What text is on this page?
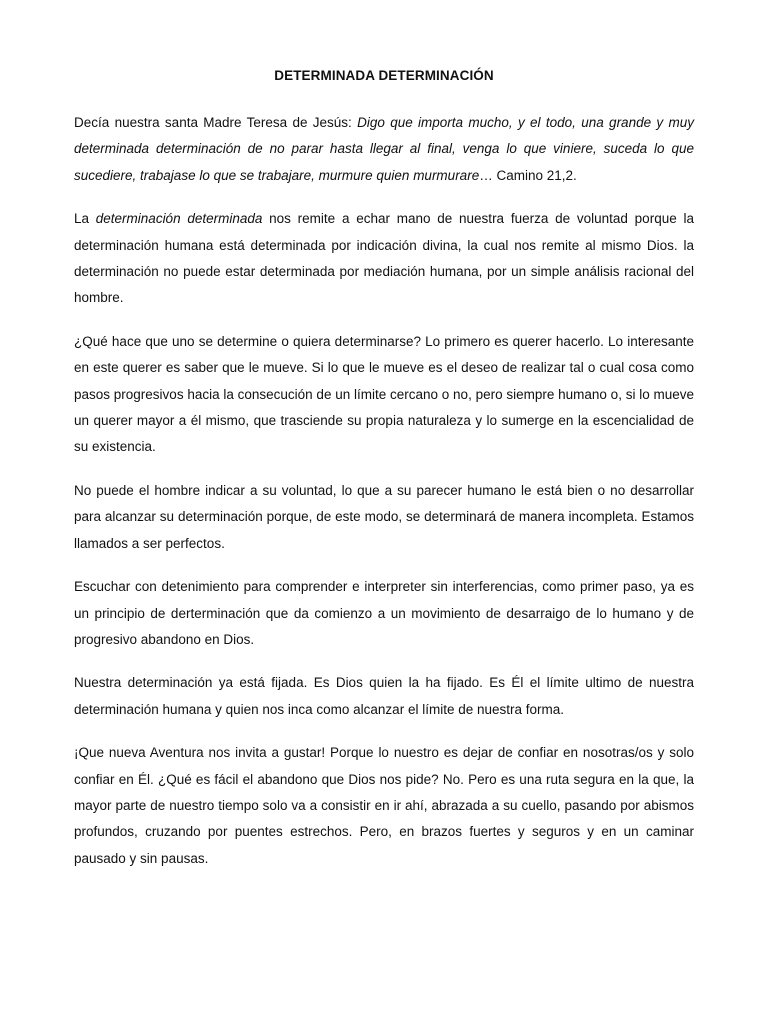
DETERMINADA DETERMINACIÓN

Decía nuestra santa Madre Teresa de Jesús: Digo que importa mucho, y el todo, una grande y muy determinada determinación de no parar hasta llegar al final, venga lo que viniere, suceda lo que sucediere, trabajase lo que se trabajare, murmure quien murmurare… Camino 21,2.

La determinación determinada nos remite a echar mano de nuestra fuerza de voluntad porque la determinación humana está determinada por indicación divina, la cual nos remite al mismo Dios. la determinación no puede estar determinada por mediación humana, por un simple análisis racional del hombre.

¿Qué hace que uno se determine o quiera determinarse? Lo primero es querer hacerlo. Lo interesante en este querer es saber que le mueve. Si lo que le mueve es el deseo de realizar tal o cual cosa como pasos progresivos hacia la consecución de un límite cercano o no, pero siempre humano o, si lo mueve un querer mayor a él mismo, que trasciende su propia naturaleza y lo sumerge en la escencialidad de su existencia.

No puede el hombre indicar a su voluntad, lo que a su parecer humano le está bien o no desarrollar para alcanzar su determinación porque, de este modo, se determinará de manera incompleta. Estamos llamados a ser perfectos.

Escuchar con detenimiento para comprender e interpreter sin interferencias, como primer paso, ya es un principio de derterminación que da comienzo a un movimiento de desarraigo de lo humano y de progresivo abandono en Dios.

Nuestra determinación ya está fijada. Es Dios quien la ha fijado. Es Él el límite ultimo de nuestra determinación humana y quien nos inca como alcanzar el límite de nuestra forma.

¡Que nueva Aventura nos invita a gustar! Porque lo nuestro es dejar de confiar en nosotras/os y solo confiar en Él. ¿Qué es fácil el abandono que Dios nos pide? No. Pero es una ruta segura en la que, la mayor parte de nuestro tiempo solo va a consistir en ir ahí, abrazada a su cuello, pasando por abismos profundos, cruzando por puentes estrechos. Pero, en brazos fuertes y seguros y en un caminar pausado y sin pausas.
